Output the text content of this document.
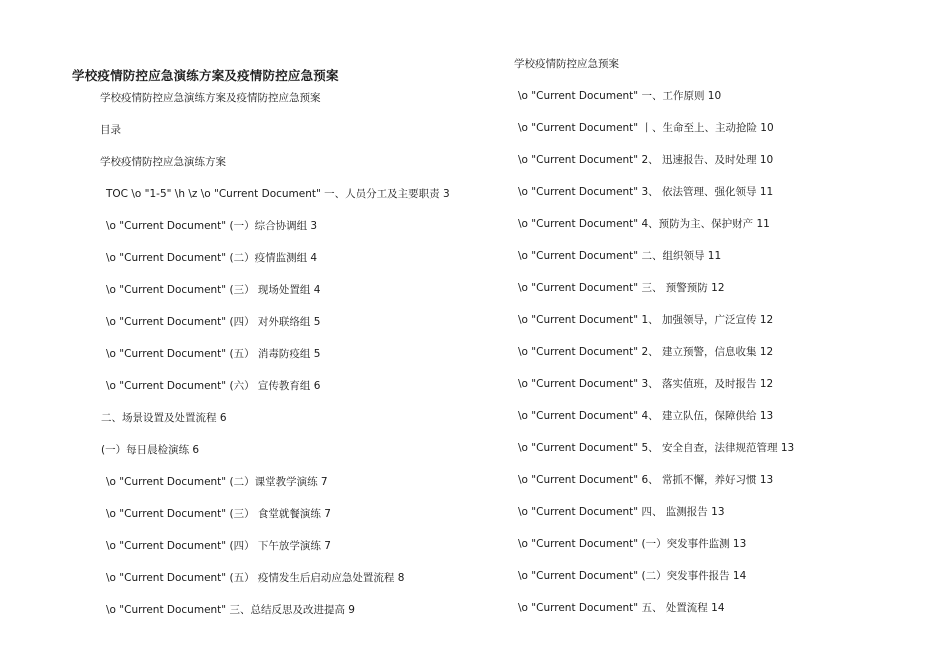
学校疫情防控应急演练方案及疫情防控应急预案
学校疫情防控应急演练方案及疫情防控应急预案
目录
学校疫情防控应急演练方案
TOC \o "1-5" \h \z \o "Current Document" 一、人员分工及主要职责 3
\o "Current Document" (一）综合协调组 3
\o "Current Document" (二）疫情监测组 4
\o "Current Document" (三） 现场处置组 4
\o "Current Document" (四） 对外联络组 5
\o "Current Document" (五） 消毒防疫组 5
\o "Current Document" (六） 宣传教育组 6
二、场景设置及处置流程 6
(一）每日晨检演练 6
\o "Current Document" (二）课堂教学演练 7
\o "Current Document" (三） 食堂就餐演练 7
\o "Current Document" (四） 下午放学演练 7
\o "Current Document" (五） 疫情发生后启动应急处置流程 8
\o "Current Document" 三、总结反思及改进提高 9
学校疫情防控应急预案
\o "Current Document" 一、工作原则 10
\o "Current Document" 丨、生命至上、主动抢险 10
\o "Current Document" 2、 迅速报告、及时处理 10
\o "Current Document" 3、 依法管理、强化领导 11
\o "Current Document" 4、预防为主、保护财产 11
\o "Current Document" 二、组织领导 11
\o "Current Document" 三、 预警预防 12
\o "Current Document" 1、 加强领导，广泛宣传 12
\o "Current Document" 2、 建立预警，信息收集 12
\o "Current Document" 3、 落实值班，及时报告 12
\o "Current Document" 4、 建立队伍，保障供给 13
\o "Current Document" 5、 安全自查，法律规范管理 13
\o "Current Document" 6、 常抓不懈，养好习惯 13
\o "Current Document" 四、 监测报告 13
\o "Current Document" (一）突发事件监测 13
\o "Current Document" (二）突发事件报告 14
\o "Current Document" 五、 处置流程 14
